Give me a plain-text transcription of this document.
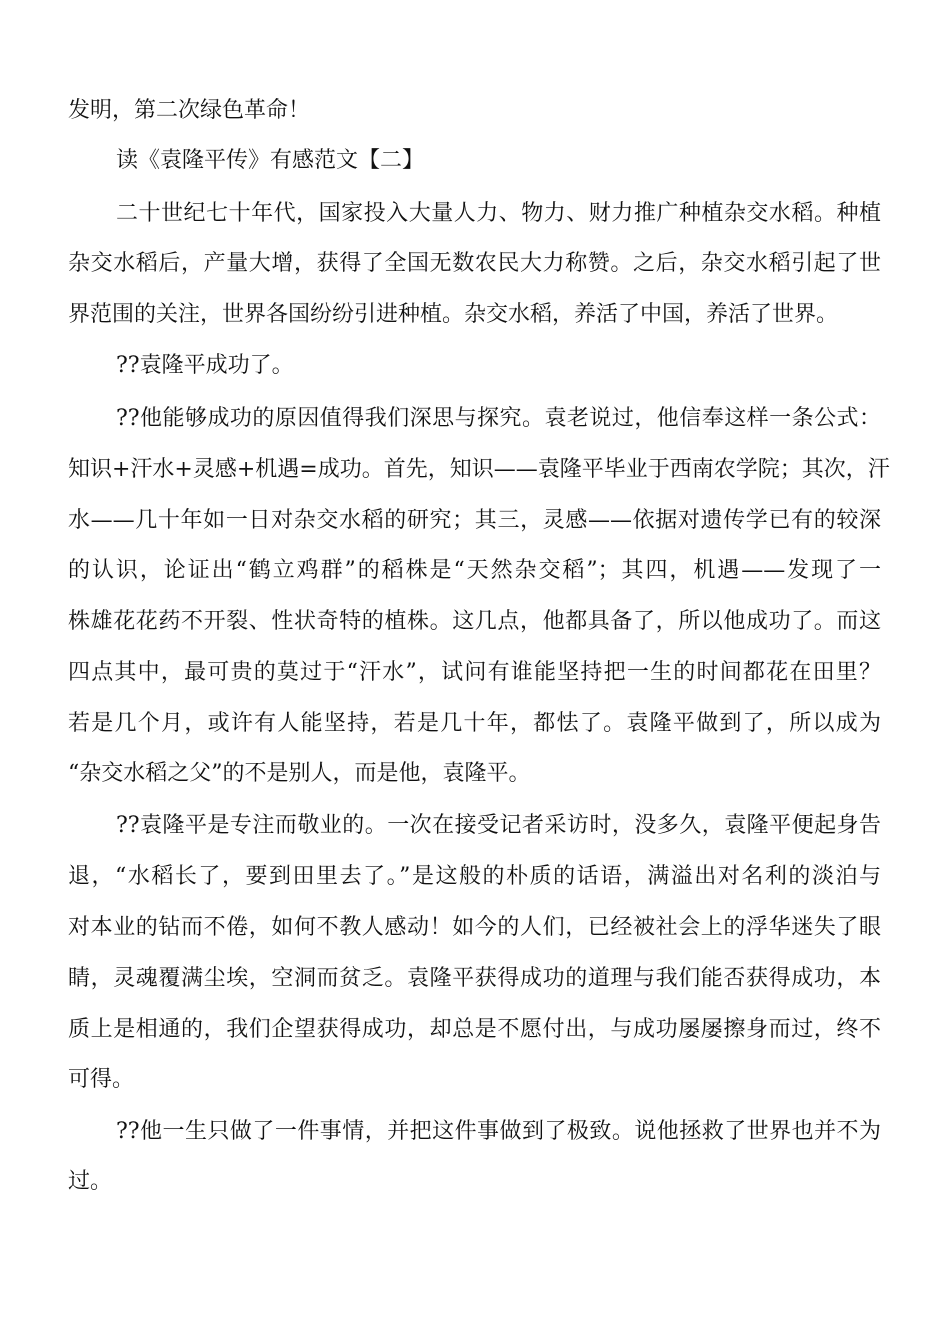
发明，第二次绿色革命！

读《袁隆平传》有感范文【二】

二十世纪七十年代，国家投入大量人力、物力、财力推广种植杂交水稻。种植

杂交水稻后，产量大增，获得了全国无数农民大力称赞。之后，杂交水稻引起了世

界范围的关注，世界各国纷纷引进种植。杂交水稻，养活了中国，养活了世界。

??袁隆平成功了。

??他能够成功的原因值得我们深思与探究。袁老说过，他信奉这样一条公式：

知识+汗水+灵感+机遇=成功。首先，知识——袁隆平毕业于西南农学院；其次，汗

水——几十年如一日对杂交水稻的研究；其三，灵感——依据对遗传学已有的较深

的认识，论证出“鹤立鸡群”的稻株是“天然杂交稻”；其四，机遇——发现了一

株雄花花药不开裂、性状奇特的植株。这几点，他都具备了，所以他成功了。而这

四点其中，最可贵的莫过于“汗水”，试问有谁能坚持把一生的时间都花在田里？

若是几个月，或许有人能坚持，若是几十年，都怯了。袁隆平做到了，所以成为

“杂交水稻之父”的不是别人，而是他，袁隆平。

??袁隆平是专注而敬业的。一次在接受记者采访时，没多久，袁隆平便起身告

退，“水稻长了，要到田里去了。”是这般的朴质的话语，满溢出对名利的淡泊与

对本业的钻而不倦，如何不教人感动！如今的人们，已经被社会上的浮华迷失了眼

睛，灵魂覆满尘埃，空洞而贫乏。袁隆平获得成功的道理与我们能否获得成功，本

质上是相通的，我们企望获得成功，却总是不愿付出，与成功屡屡擦身而过，终不

可得。

??他一生只做了一件事情，并把这件事做到了极致。说他拯救了世界也并不为

过。
